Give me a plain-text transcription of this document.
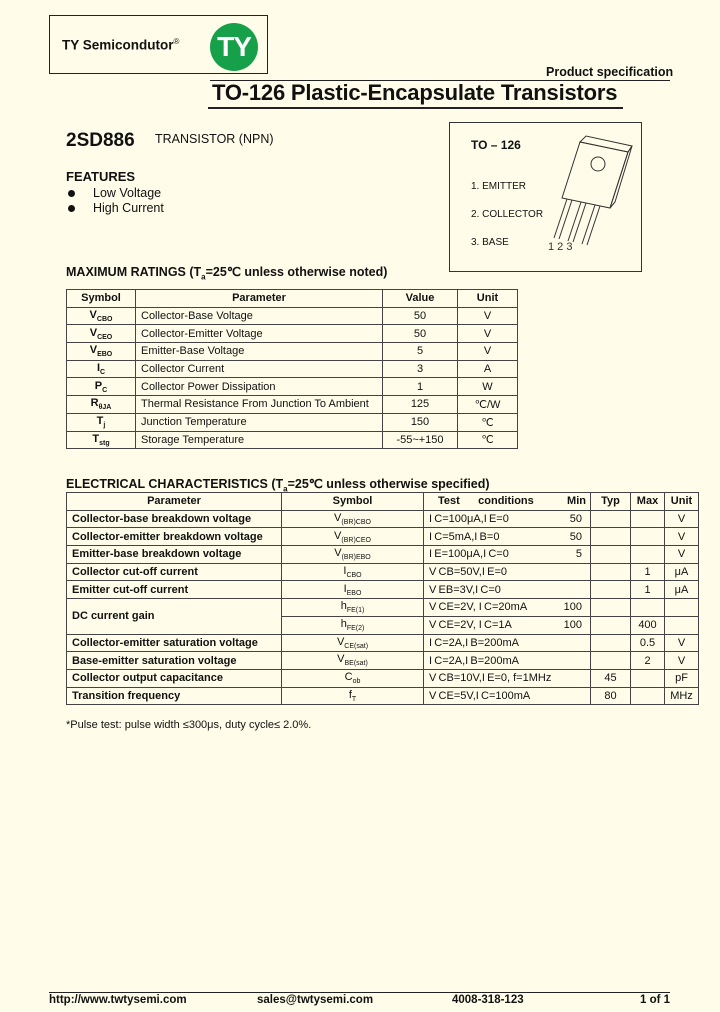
TY Semicondutor® TY
Product specification
TO-126 Plastic-Encapsulate Transistors
2SD886 TRANSISTOR (NPN)
FEATURES
Low Voltage
High Current
TO – 126
1. EMITTER
2. COLLECTOR
3. BASE	1 2 3
MAXIMUM RATINGS ($T_a=25℃$ unless otherwise noted)
Symbol	Parameter	Value	Unit
$V_{CBO}$	Collector-Base Voltage	50	V
$V_{CEO}$	Collector-Emitter Voltage	50	V
$V_{EBO}$	Emitter-Base Voltage	5	V
$I_C$	Collector Current	3	A
$P_C$	Collector Power Dissipation	1	W
$R_{\theta JA}$	Thermal Resistance From Junction To Ambient	125	℃/W
$T_j$	Junction Temperature	150	℃
$T_{stg}$	Storage Temperature	-55~+150	℃
ELECTRICAL CHARACTERISTICS ($T_a=25℃$ unless otherwise specified)
Parameter	Symbol	Test      conditions Min	Typ	Max	Unit
Collector-base breakdown voltage	$V_{(BR)CBO}$	I C=100μA,I E=0 50			V
Collector-emitter breakdown voltage	$V_{(BR)CEO}$	I C=5mA,I B=0 50			V
Emitter-base breakdown voltage	$V_{(BR)EBO}$	I E=100μA,I C=0 5			V
Collector cut-off current	$I_{CBO}$	V CB=50V,I E=0		1	μA
Emitter cut-off current	$I_{EBO}$	V EB=3V,I C=0		1	μA
DC current gain	$h_{FE(1)}$	V CE=2V, I C=20mA 100			

	$h_{FE(2)}$	V CE=2V, I C=1A 100		400	
Collector-emitter saturation voltage	$V_{CE(sat)}$	I C=2A,I B=200mA		0.5	V
Base-emitter saturation voltage	$V_{BE(sat)}$	I C=2A,I B=200mA		2	V
Collector output capacitance	$C_{ob}$	V CB=10V,I E=0, f=1MHz	45		pF
Transition frequency	$f_T$	V CE=5V,I C=100mA	80		MHz
*Pulse test: pulse width ≤300μs, duty cycle≤ 2.0%.
http://www.twtysemi.com	sales@twtysemi.com	4008-318-123	1 of 1
